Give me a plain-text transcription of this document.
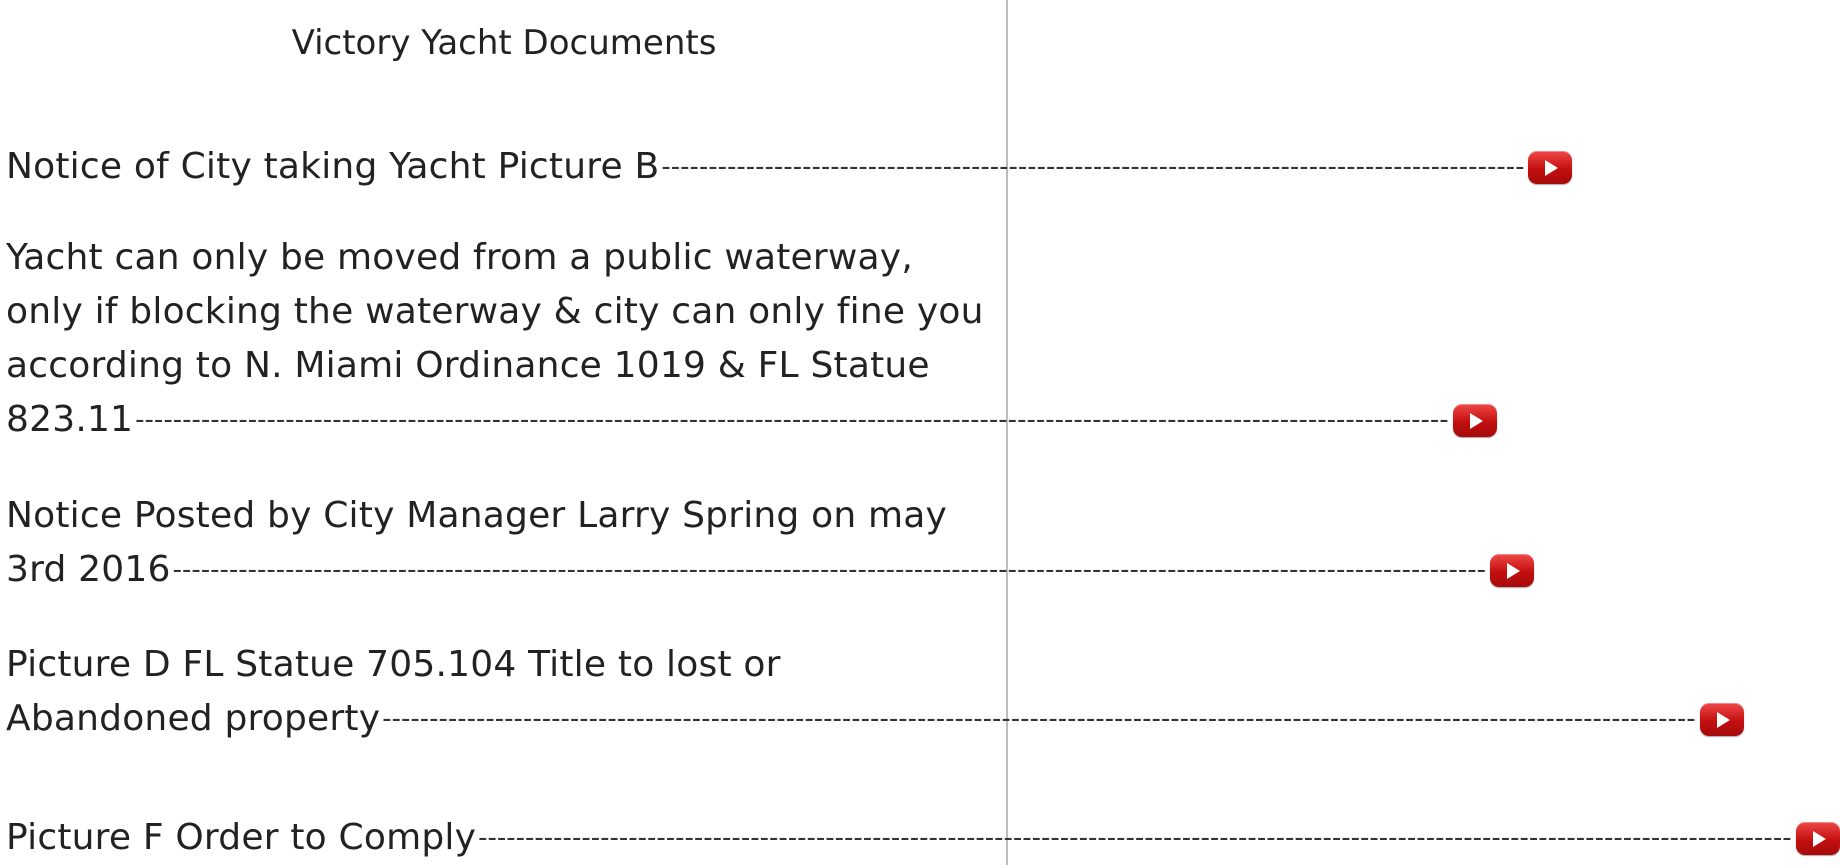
Victory Yacht Documents
Notice of City taking Yacht Picture B --------------------------------------------------------------------------------------------
Yacht can only be moved from a public waterway,
only if blocking the waterway & city can only fine you
according to N. Miami Ordinance 1019 & FL Statue
823.11 --------------------------------------------------------------------------------------------------------------------------------------------
Notice Posted by City Manager Larry Spring on may
3rd 2016 --------------------------------------------------------------------------------------------------------------------------------------------
Picture D FL Statue 705.104 Title to lost or
Abandoned property --------------------------------------------------------------------------------------------------------------------------------------------
Picture F Order to Comply --------------------------------------------------------------------------------------------------------------------------------------------
